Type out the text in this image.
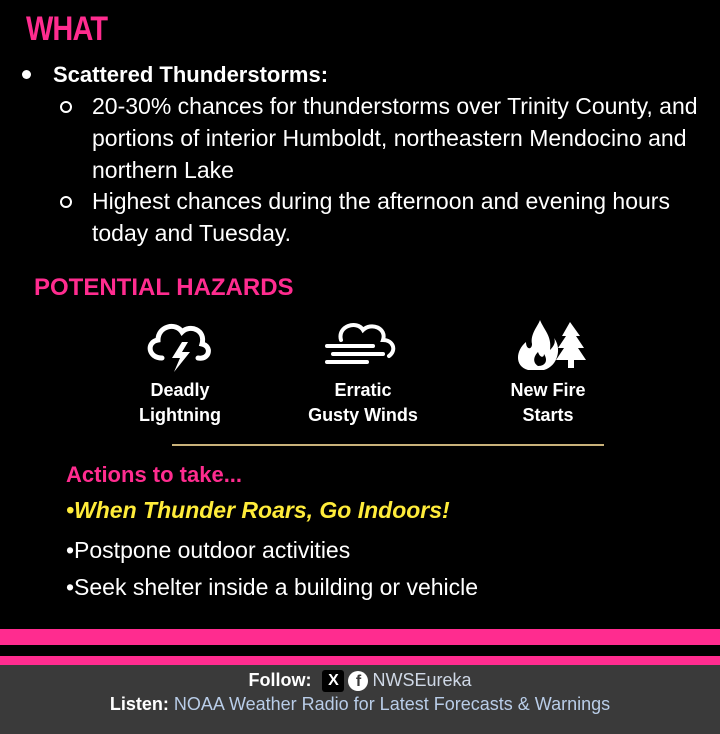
WHAT
Scattered Thunderstorms:
20-30% chances for thunderstorms over Trinity County, and portions of interior Humboldt, northeastern Mendocino and northern Lake
Highest chances during the afternoon and evening hours today and Tuesday.
POTENTIAL HAZARDS
Deadly
Lightning
Erratic
Gusty Winds
New Fire
Starts
Actions to take...
•When Thunder Roars, Go Indoors!
•Postpone outdoor activities
•Seek shelter inside a building or vehicle
Follow: X f NWSEureka
Listen: NOAA Weather Radio for Latest Forecasts & Warnings
